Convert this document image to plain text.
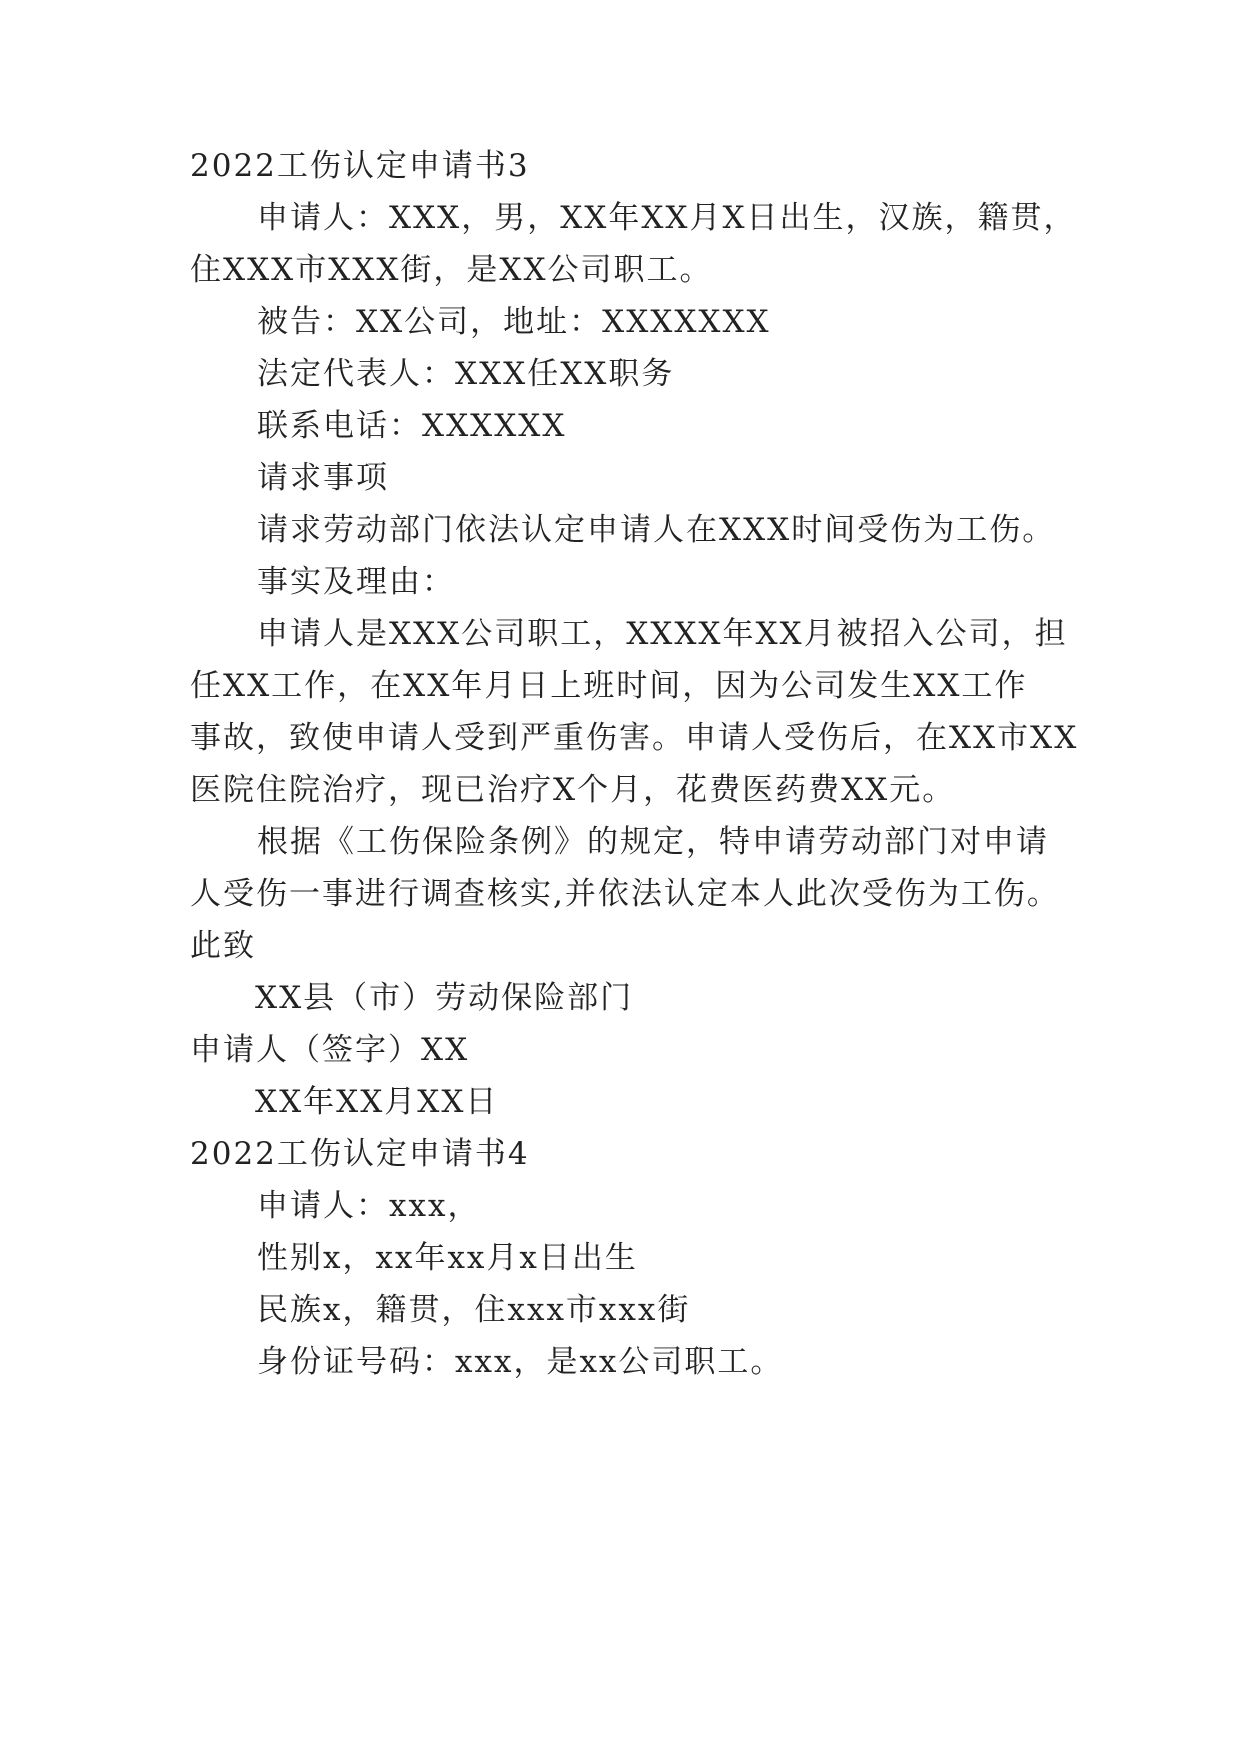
2022工伤认定申请书3
申请人：XXX，男，XX年XX月X日出生，汉族，籍贯，
住XXX市XXX街，是XX公司职工。
被告：XX公司，地址：XXXXXXX
法定代表人：XXX任XX职务
联系电话：XXXXXX
请求事项
请求劳动部门依法认定申请人在XXX时间受伤为工伤。
事实及理由：
申请人是XXX公司职工，XXXX年XX月被招入公司，担
任XX工作，在XX年月日上班时间，因为公司发生XX工作
事故，致使申请人受到严重伤害。申请人受伤后，在XX市XX
医院住院治疗，现已治疗X个月，花费医药费XX元。
根据《工伤保险条例》的规定，特申请劳动部门对申请
人受伤一事进行调查核实,并依法认定本人此次受伤为工伤。
此致
XX县（市）劳动保险部门
申请人（签字）XX
XX年XX月XX日
2022工伤认定申请书4
申请人：xxx，
性别x，xx年xx月x日出生
民族x，籍贯，住xxx市xxx街
身份证号码：xxx，是xx公司职工。
